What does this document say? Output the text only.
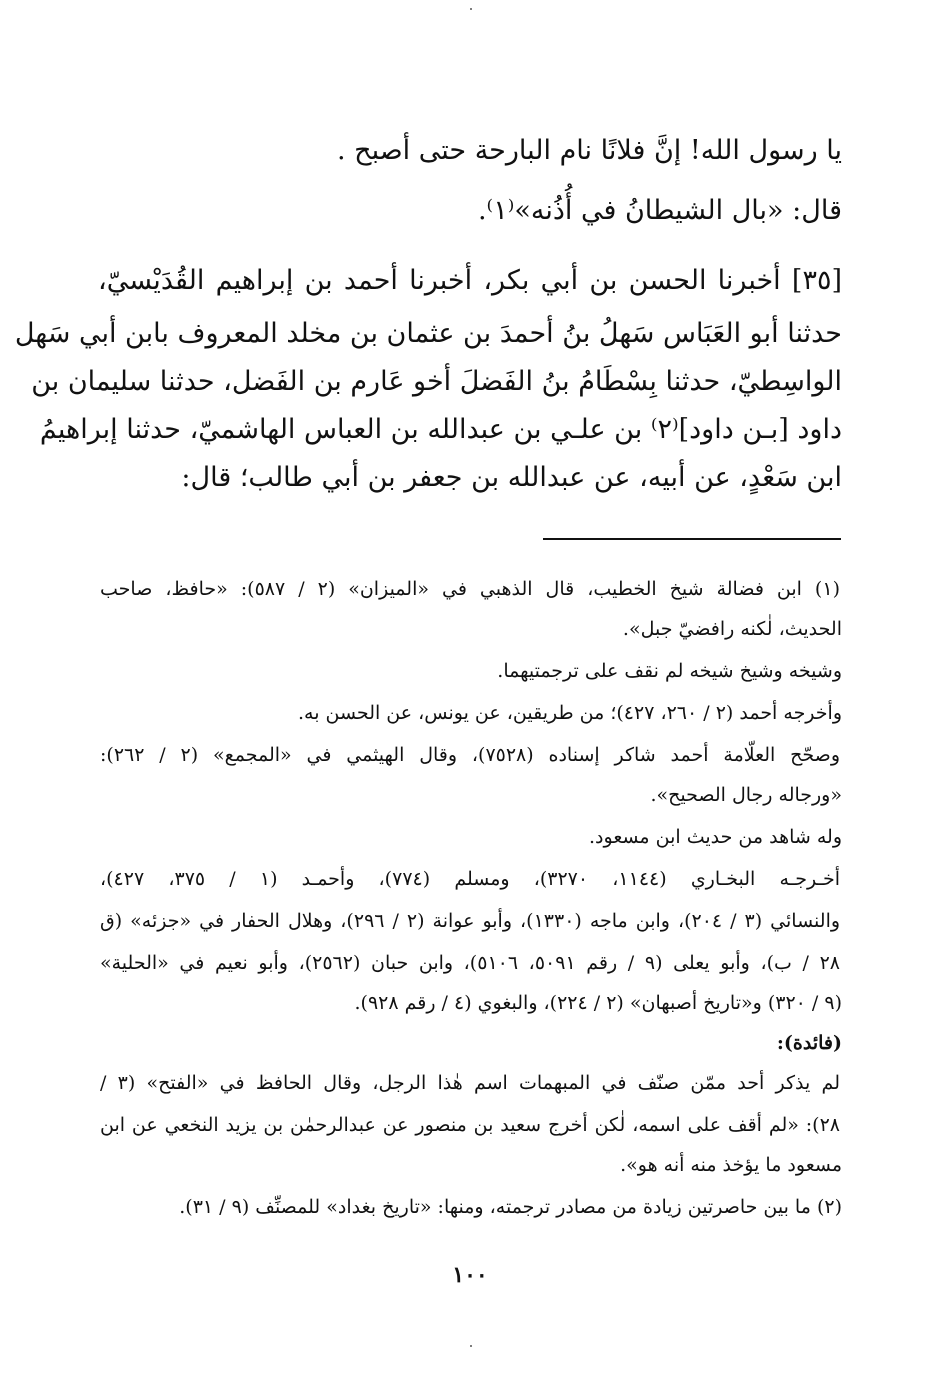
يا رسول الله! إنَّ فلانًا نام البارحة حتى أصبح .
قال: «بال الشيطانُ في أُذُنه»⁽١⁾.
[٣٥] أخبرنا الحسن بن أبي بكر، أخبرنا أحمد بن إبراهيم القُدَيْسيّ،
حدثنا أبو العَبَاس سَهلُ بنُ أحمدَ بن عثمان بن مخلد المعروف بابن أبي سَهل
الواسِطيّ، حدثنا بِسْطَامُ بنُ الفَضلَ أخو عَارم بن الفَضل، حدثنا سليمان بن
داود [بـن داود]⁽٢⁾ بن علـي بن عبدالله بن العباس الهاشميّ، حدثنا إبراهيمُ
ابن سَعْدٍ، عن أبيه، عن عبدالله بن جعفر بن أبي طالب؛ قال:
(١) ابن فضالة شيخ الخطيب، قال الذهبي في «الميزان» (٢ / ٥٨٧): «حافظ، صاحب
الحديث، لٰكنه رافضيّ جبل».
وشيخه وشيخ شيخه لم نقف على ترجمتيهما.
وأخرجه أحمد (٢ / ٢٦٠، ٤٢٧)؛ من طريقين، عن يونس، عن الحسن به.
وصحّح العلّامة أحمد شاكر إسناده (٧٥٢٨)، وقال الهيثمي في «المجمع» (٢ / ٢٦٢):
«ورجاله رجال الصحيح».
وله شاهد من حديث ابن مسعود.
أخـرجـه البخـاري (١١٤٤، ٣٢٧٠)، ومسلم (٧٧٤)، وأحمـد (١ / ٣٧٥، ٤٢٧)،
والنسائي (٣ / ٢٠٤)، وابن ماجه (١٣٣٠)، وأبو عوانة (٢ / ٢٩٦)، وهلال الحفار في «جزئه» (ق
٢٨ / ب)، وأبو يعلى (٩ / رقم ٥٠٩١، ٥١٠٦)، وابن حبان (٢٥٦٢)، وأبو نعيم في «الحلية»
(٩ / ٣٢٠) و«تاريخ أصبهان» (٢ / ٢٢٤)، والبغوي (٤ / رقم ٩٢٨).
(فائدة):
لم يذكر أحد ممّن صنّف في المبهمات اسم هٰذا الرجل، وقال الحافظ في «الفتح» (٣ /
٢٨): «لم أقف على اسمه، لٰكن أخرج سعيد بن منصور عن عبدالرحمٰن بن يزيد النخعي عن ابن
مسعود ما يؤخذ منه أنه هو».
(٢) ما بين حاصرتين زيادة من مصادر ترجمته، ومنها: «تاريخ بغداد» للمصنِّف (٩ / ٣١).
١٠٠
